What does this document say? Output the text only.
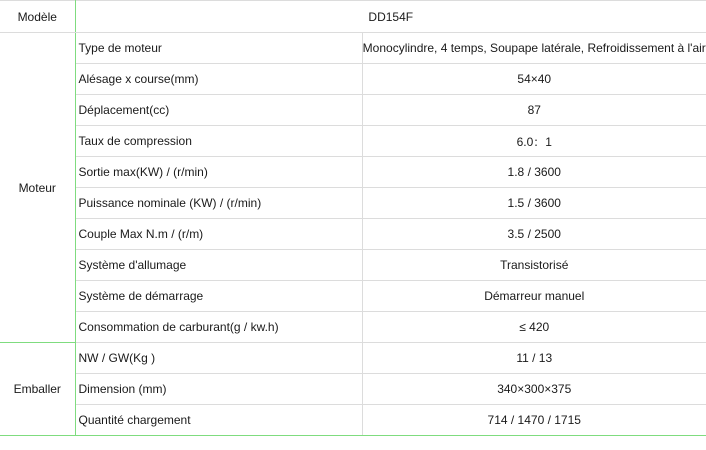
Modèle	DD154F	
Moteur	Type de moteur	Monocylindre, 4 temps, Soupape latérale, Refroidissement à l'air
	Alésage x course(mm)	54×40
	Déplacement(cc)	87
	Taux de compression	6.0：1
	Sortie max(KW) / (r/min)	1.8 / 3600
	Puissance nominale (KW) / (r/min)	1.5 / 3600
	Couple Max N.m / (r/m)	3.5 / 2500
	Système d'allumage	Transistorisé
	Système de démarrage	Démarreur manuel
	Consommation de carburant(g / kw.h)	≤ 420
Emballer	NW / GW(Kg )	11 / 13
	Dimension (mm)	340×300×375
	Quantité chargement	714 / 1470 / 1715
